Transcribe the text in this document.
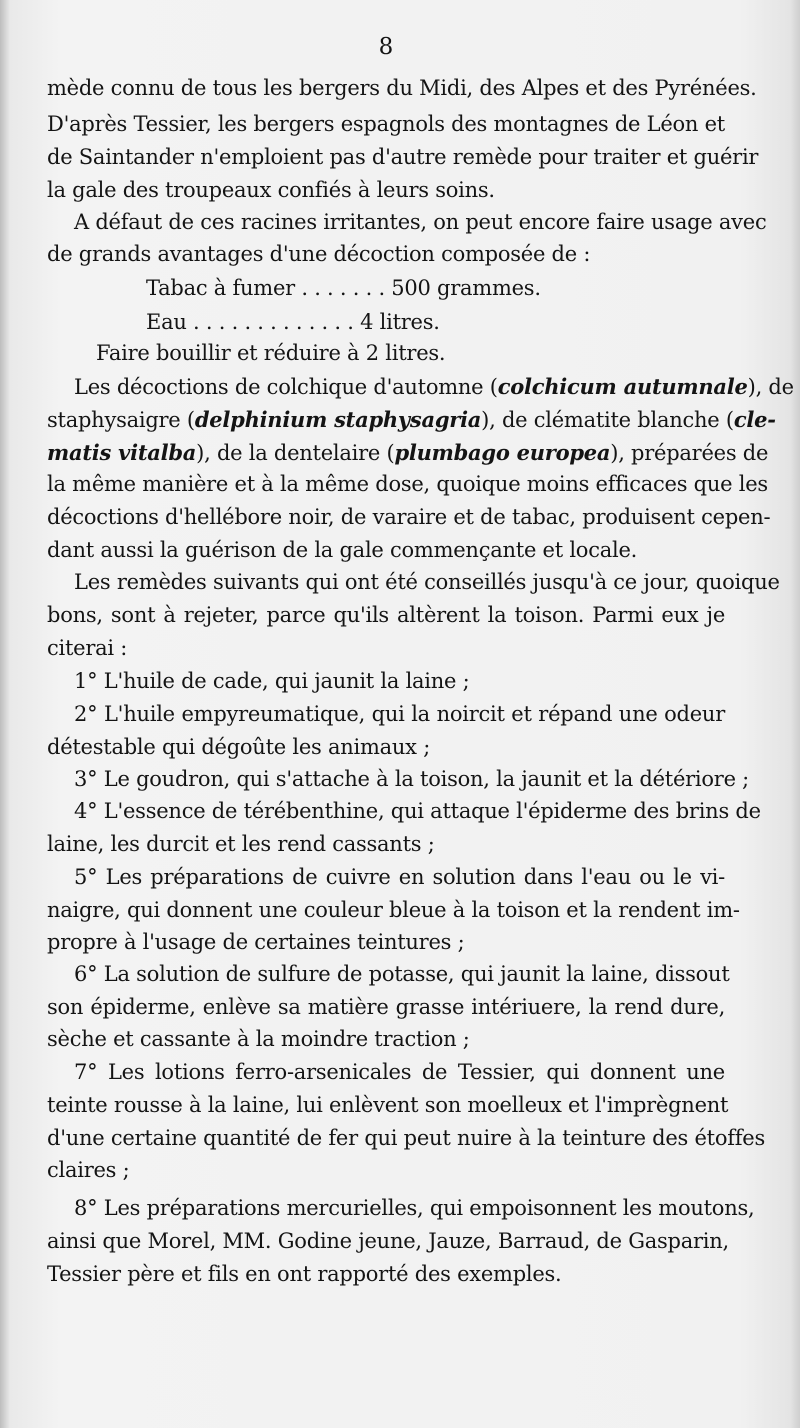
8
mède connu de tous les bergers du Midi, des Alpes et des Pyrénées.
D'après Tessier, les bergers espagnols des montagnes de Léon et
de Saintander n'emploient pas d'autre remède pour traiter et guérir
la gale des troupeaux confiés à leurs soins.
A défaut de ces racines irritantes, on peut encore faire usage avec
de grands avantages d'une décoction composée de :
Tabac à fumer . . . . . . . 500 grammes.
Eau . . . . . . . . . . . . . 4 litres.
Faire bouillir et réduire à 2 litres.
Les décoctions de colchique d'automne (colchicum autumnale), de
staphysaigre (delphinium staphysagria), de clématite blanche (cle-
matis vitalba), de la dentelaire (plumbago europea), préparées de
la même manière et à la même dose, quoique moins efficaces que les
décoctions d'hellébore noir, de varaire et de tabac, produisent cepen-
dant aussi la guérison de la gale commençante et locale.
Les remèdes suivants qui ont été conseillés jusqu'à ce jour, quoique
bons, sont à rejeter, parce qu'ils altèrent la toison. Parmi eux je
citerai :
1° L'huile de cade, qui jaunit la laine ;
2° L'huile empyreumatique, qui la noircit et répand une odeur
détestable qui dégoûte les animaux ;
3° Le goudron, qui s'attache à la toison, la jaunit et la détériore ;
4° L'essence de térébenthine, qui attaque l'épiderme des brins de
laine, les durcit et les rend cassants ;
5° Les préparations de cuivre en solution dans l'eau ou le vi-
naigre, qui donnent une couleur bleue à la toison et la rendent im-
propre à l'usage de certaines teintures ;
6° La solution de sulfure de potasse, qui jaunit la laine, dissout
son épiderme, enlève sa matière grasse intériuere, la rend dure,
sèche et cassante à la moindre traction ;
7° Les lotions ferro-arsenicales de Tessier, qui donnent une
teinte rousse à la laine, lui enlèvent son moelleux et l'imprègnent
d'une certaine quantité de fer qui peut nuire à la teinture des étoffes
claires ;
8° Les préparations mercurielles, qui empoisonnent les moutons,
ainsi que Morel, MM. Godine jeune, Jauze, Barraud, de Gasparin,
Tessier père et fils en ont rapporté des exemples.
